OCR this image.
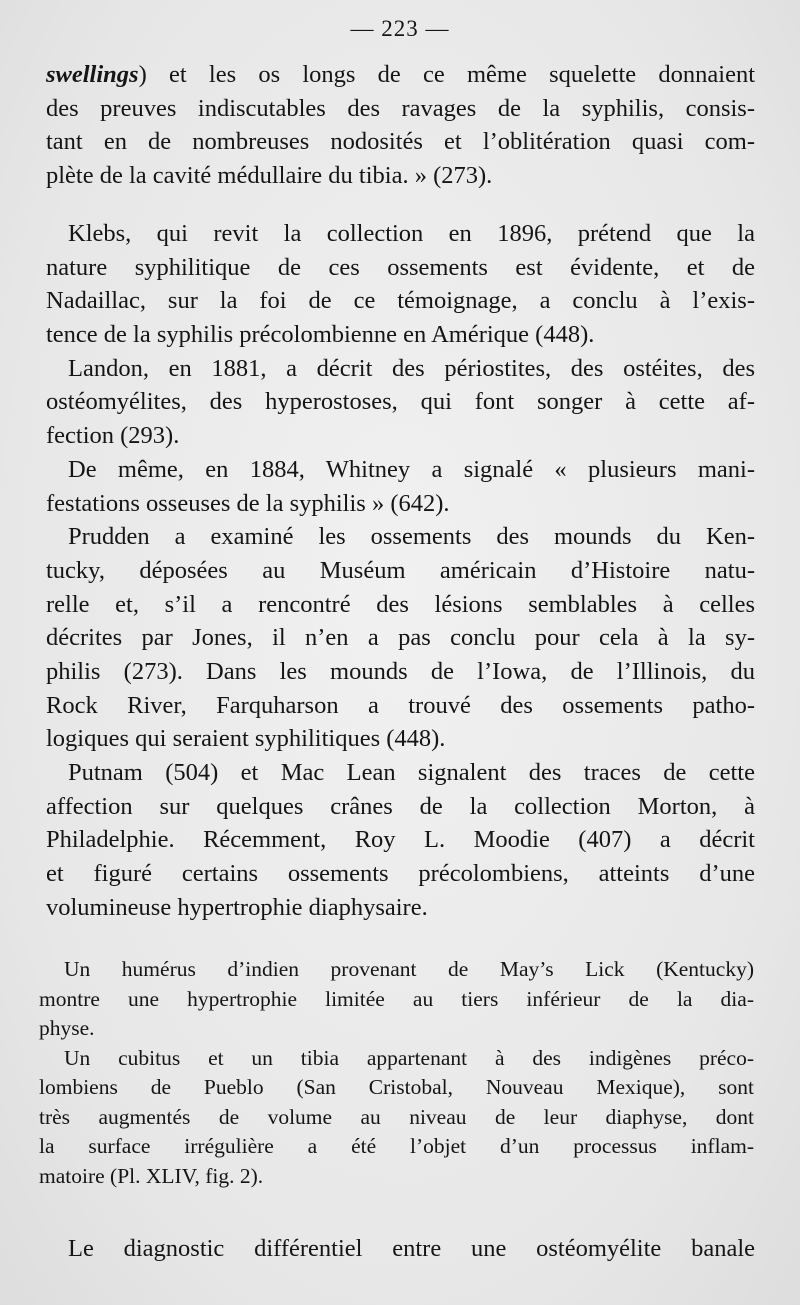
— 223 —
swellings) et les os longs de ce même squelette donnaient
des preuves indiscutables des ravages de la syphilis, consis-
tant en de nombreuses nodosités et l’oblitération quasi com-
plète de la cavité médullaire du tibia. » (273).
Klebs, qui revit la collection en 1896, prétend que la
nature syphilitique de ces ossements est évidente, et de
Nadaillac, sur la foi de ce témoignage, a conclu à l’exis-
tence de la syphilis précolombienne en Amérique (448).
Landon, en 1881, a décrit des périostites, des ostéites, des
ostéomyélites, des hyperostoses, qui font songer à cette af-
fection (293).
De même, en 1884, Whitney a signalé « plusieurs mani-
festations osseuses de la syphilis » (642).
Prudden a examiné les ossements des mounds du Ken-
tucky, déposées au Muséum américain d’Histoire natu-
relle et, s’il a rencontré des lésions semblables à celles
décrites par Jones, il n’en a pas conclu pour cela à la sy-
philis (273). Dans les mounds de l’Iowa, de l’Illinois, du
Rock River, Farquharson a trouvé des ossements patho-
logiques qui seraient syphilitiques (448).
Putnam (504) et Mac Lean signalent des traces de cette
affection sur quelques crânes de la collection Morton, à
Philadelphie. Récemment, Roy L. Moodie (407) a décrit
et figuré certains ossements précolombiens, atteints d’une
volumineuse hypertrophie diaphysaire.
Un humérus d’indien provenant de May’s Lick (Kentucky)
montre une hypertrophie limitée au tiers inférieur de la dia-
physe.
Un cubitus et un tibia appartenant à des indigènes préco-
lombiens de Pueblo (San Cristobal, Nouveau Mexique), sont
très augmentés de volume au niveau de leur diaphyse, dont
la surface irrégulière a été l’objet d’un processus inflam-
matoire (Pl. XLIV, fig. 2).
Le diagnostic différentiel entre une ostéomyélite banale
